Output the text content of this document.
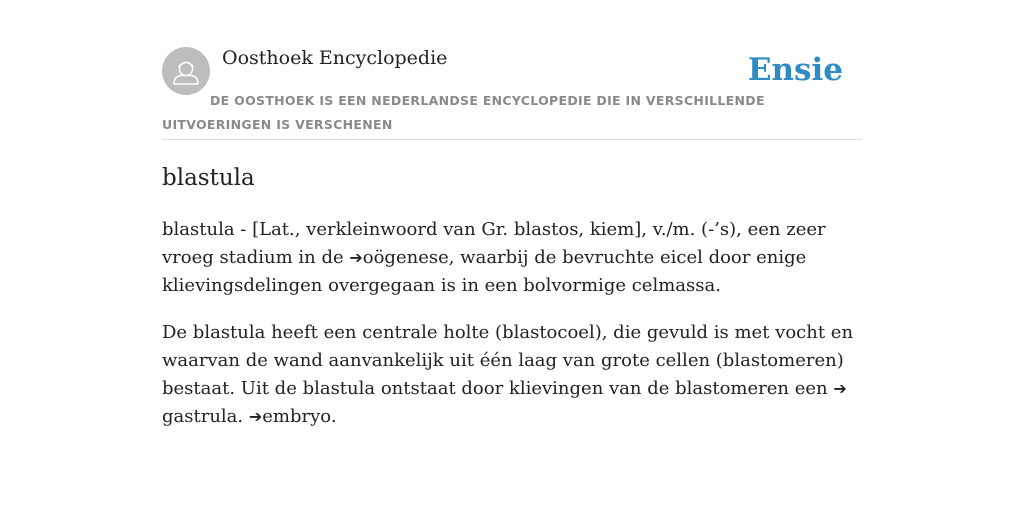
Oosthoek Encyclopedie	Ensie
DE OOSTHOEK IS EEN NEDERLANDSE ENCYCLOPEDIE DIE IN VERSCHILLENDE UITVOERINGEN IS VERSCHENEN
blastula

blastula - [Lat., verkleinwoord van Gr. blastos, kiem], v./m. (-’s), een zeer vroeg stadium in de ➔oögenese, waarbij de bevruchte eicel door enige klievingsdelingen overgegaan is in een bolvormige celmassa.

De blastula heeft een centrale holte (blastocoel), die gevuld is met vocht en waarvan de wand aanvankelijk uit één laag van grote cellen (blastomeren) bestaat. Uit de blastula ontstaat door klievingen van de blastomeren een ➔gastrula. ➔embryo.
